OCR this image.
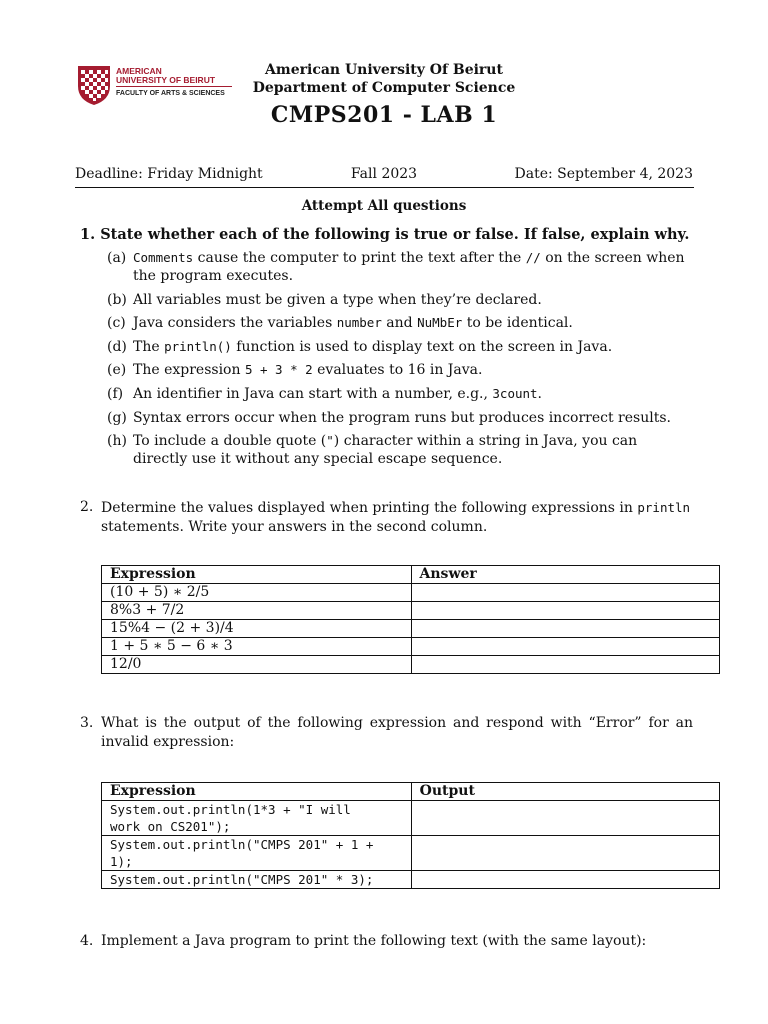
AMERICAN
UNIVERSITY OF BEIRUT
FACULTY OF ARTS & SCIENCES
American University Of Beirut
Department of Computer Science
CMPS201 - LAB 1
Deadline: Friday Midnight	Fall 2023	Date: September 4, 2023
Attempt All questions
1. State whether each of the following is true or false. If false, explain why.
(a) Comments cause the computer to print the text after the // on the screen when the program executes.
(b) All variables must be given a type when they’re declared.
(c) Java considers the variables number and NuMbEr to be identical.
(d) The println() function is used to display text on the screen in Java.
(e) The expression 5 + 3 * 2 evaluates to 16 in Java.
(f) An identifier in Java can start with a number, e.g., 3count.
(g) Syntax errors occur when the program runs but produces incorrect results.
(h) To include a double quote (") character within a string in Java, you can directly use it without any special escape sequence.
2. Determine the values displayed when printing the following expressions in println statements. Write your answers in the second column.
Expression	Answer
(10 + 5) ∗ 2/5	
8%3 + 7/2	
15%4 − (2 + 3)/4	
1 + 5 ∗ 5 − 6 ∗ 3	
12/0	
3. What is the output of the following expression and respond with “Error” for an invalid expression:
Expression	Output

System.out.println(1*3 + "I will
work on CS201");	

System.out.println("CMPS 201" + 1 +
1);	

System.out.println("CMPS 201" * 3);	

4. Implement a Java program to print the following text (with the same layout):
